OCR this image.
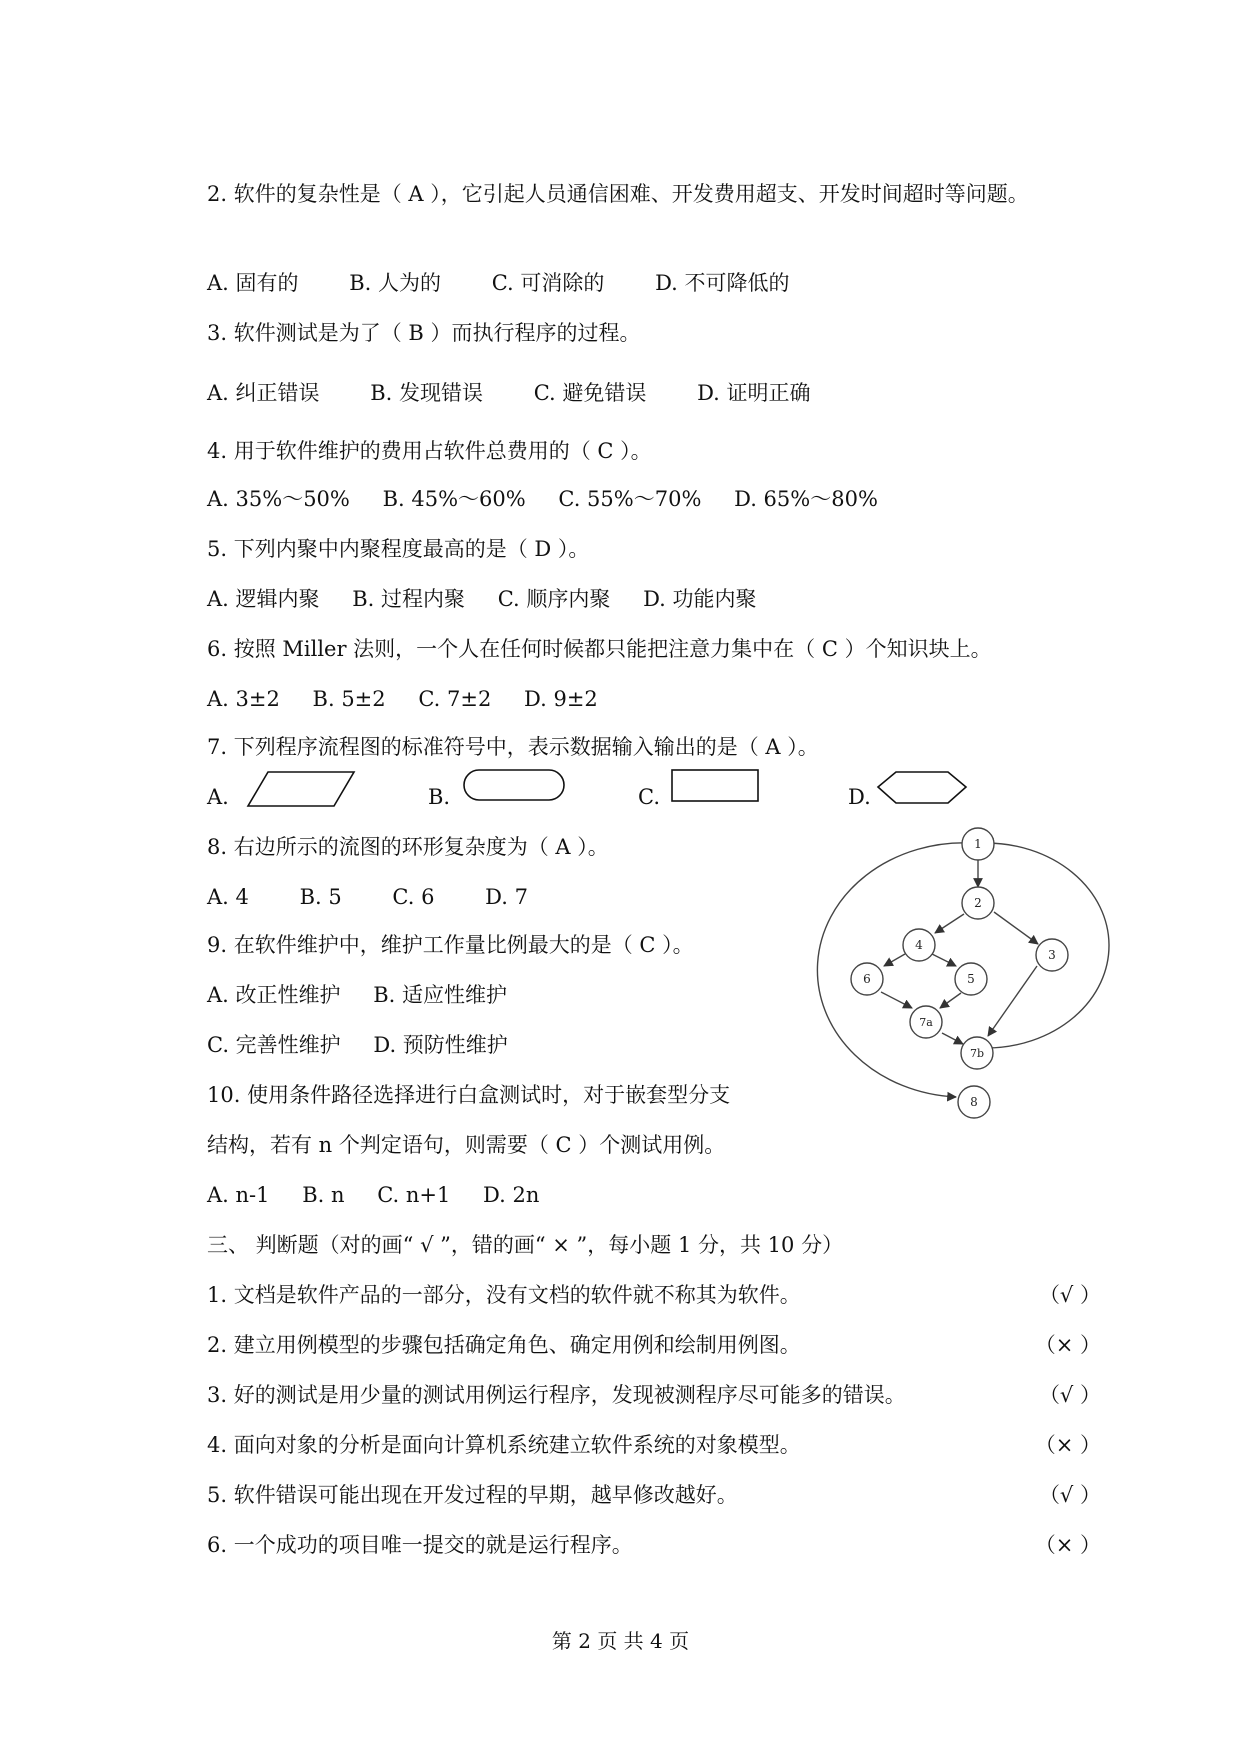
2. 软件的复杂性是（ A ），它引起人员通信困难、开发费用超支、开发时间超时等问题。
A. 固有的 B. 人为的 C. 可消除的 D. 不可降低的
3. 软件测试是为了（ B ）而执行程序的过程。
A. 纠正错误 B. 发现错误 C. 避免错误 D. 证明正确
4. 用于软件维护的费用占软件总费用的（ C ）。
A. 35%～50% B. 45%～60% C. 55%～70% D. 65%～80%
5. 下列内聚中内聚程度最高的是（ D ）。
A. 逻辑内聚 B. 过程内聚 C. 顺序内聚 D. 功能内聚
6. 按照 Miller 法则，一个人在任何时候都只能把注意力集中在（ C ）个知识块上。
A. 3±2 B. 5±2 C. 7±2 D. 9±2
7. 下列程序流程图的标准符号中，表示数据输入输出的是（ A ）。
A.	B.	C.	D.
8. 右边所示的流图的环形复杂度为（ A ）。
A. 4 B. 5 C. 6 D. 7
9. 在软件维护中，维护工作量比例最大的是（ C ）。
A. 改正性维护 B. 适应性维护
C. 完善性维护 D. 预防性维护
10. 使用条件路径选择进行白盒测试时，对于嵌套型分支
结构，若有 n 个判定语句，则需要（ C ）个测试用例。
A. n-1 B. n C. n+1 D. 2n
1
2
3
4
5
6
7a
7b
8
三、 判断题（对的画“ √ ”，错的画“ × ”，每小题 1 分，共 10 分）
1. 文档是软件产品的一部分，没有文档的软件就不称其为软件。	（√ ）
2. 建立用例模型的步骤包括确定角色、确定用例和绘制用例图。	（× ）
3. 好的测试是用少量的测试用例运行程序，发现被测程序尽可能多的错误。	（√ ）
4. 面向对象的分析是面向计算机系统建立软件系统的对象模型。	（× ）
5. 软件错误可能出现在开发过程的早期，越早修改越好。	（√ ）
6. 一个成功的项目唯一提交的就是运行程序。	（× ）
第 2 页 共 4 页
